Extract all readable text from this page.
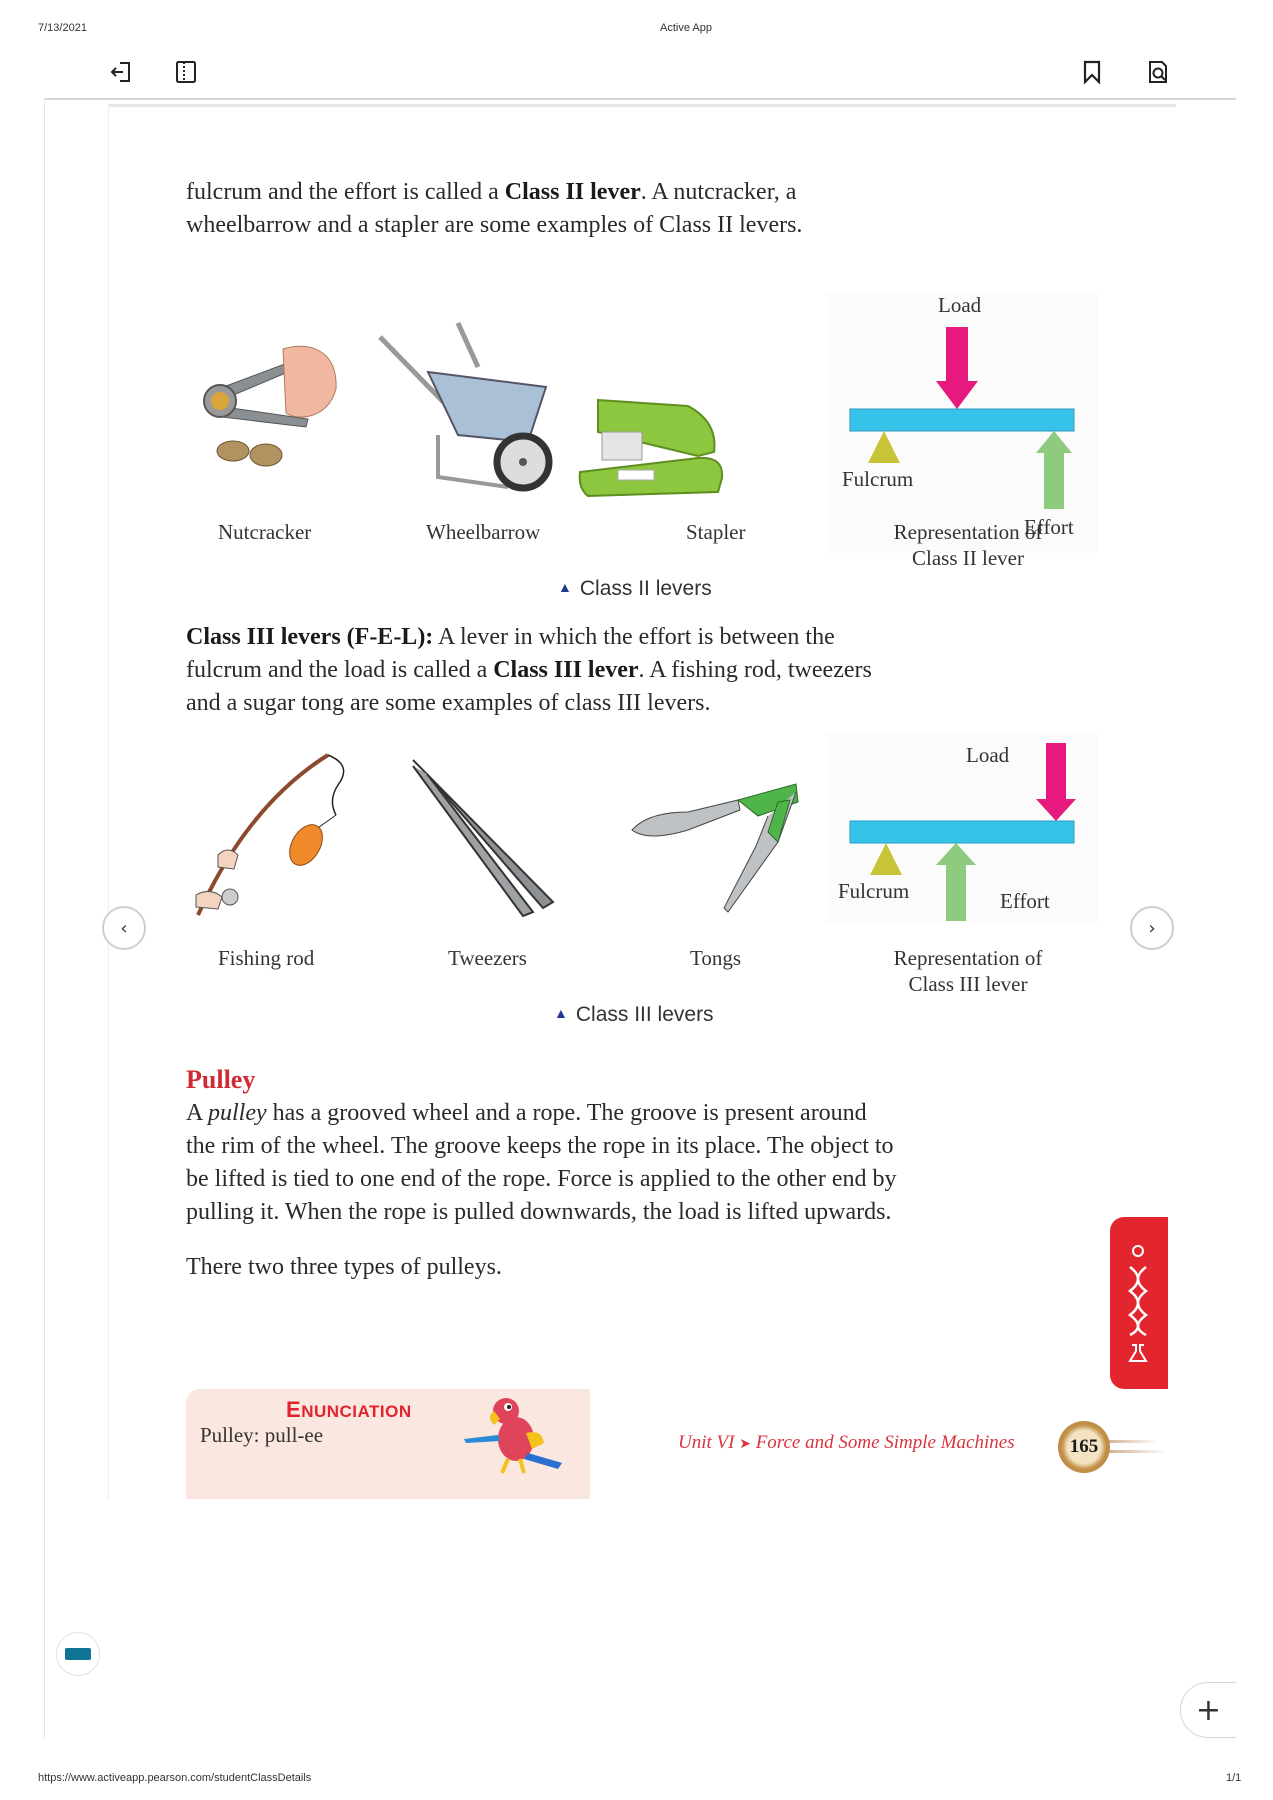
7/13/2021	Active App
fulcrum and the effort is called a Class II lever. A nutcracker, a
wheelbarrow and a stapler are some examples of Class II levers.
Load
Fulcrum
Effort
Nutcracker	Wheelbarrow	Stapler	Representation of
Class II lever
▲ Class II levers
Class III levers (F-E-L): A lever in which the effort is between the
fulcrum and the load is called a Class III lever. A fishing rod, tweezers
and a sugar tong are some examples of class III levers.
Load
Fulcrum	Effort
Fishing rod	Tweezers	Tongs	Representation of
Class III lever
▲ Class III levers
Pulley
A pulley has a grooved wheel and a rope. The groove is present around
the rim of the wheel. The groove keeps the rope in its place. The object to
be lifted is tied to one end of the rope. Force is applied to the other end by
pulling it. When the rope is pulled downwards, the load is lifted upwards.
There two three types of pulleys.
ENUNCIATION
Pulley: pull-ee	Unit VI ➤ Force and Some Simple Machines	165
‹	›
+
https://www.activeapp.pearson.com/studentClassDetails	1/1
